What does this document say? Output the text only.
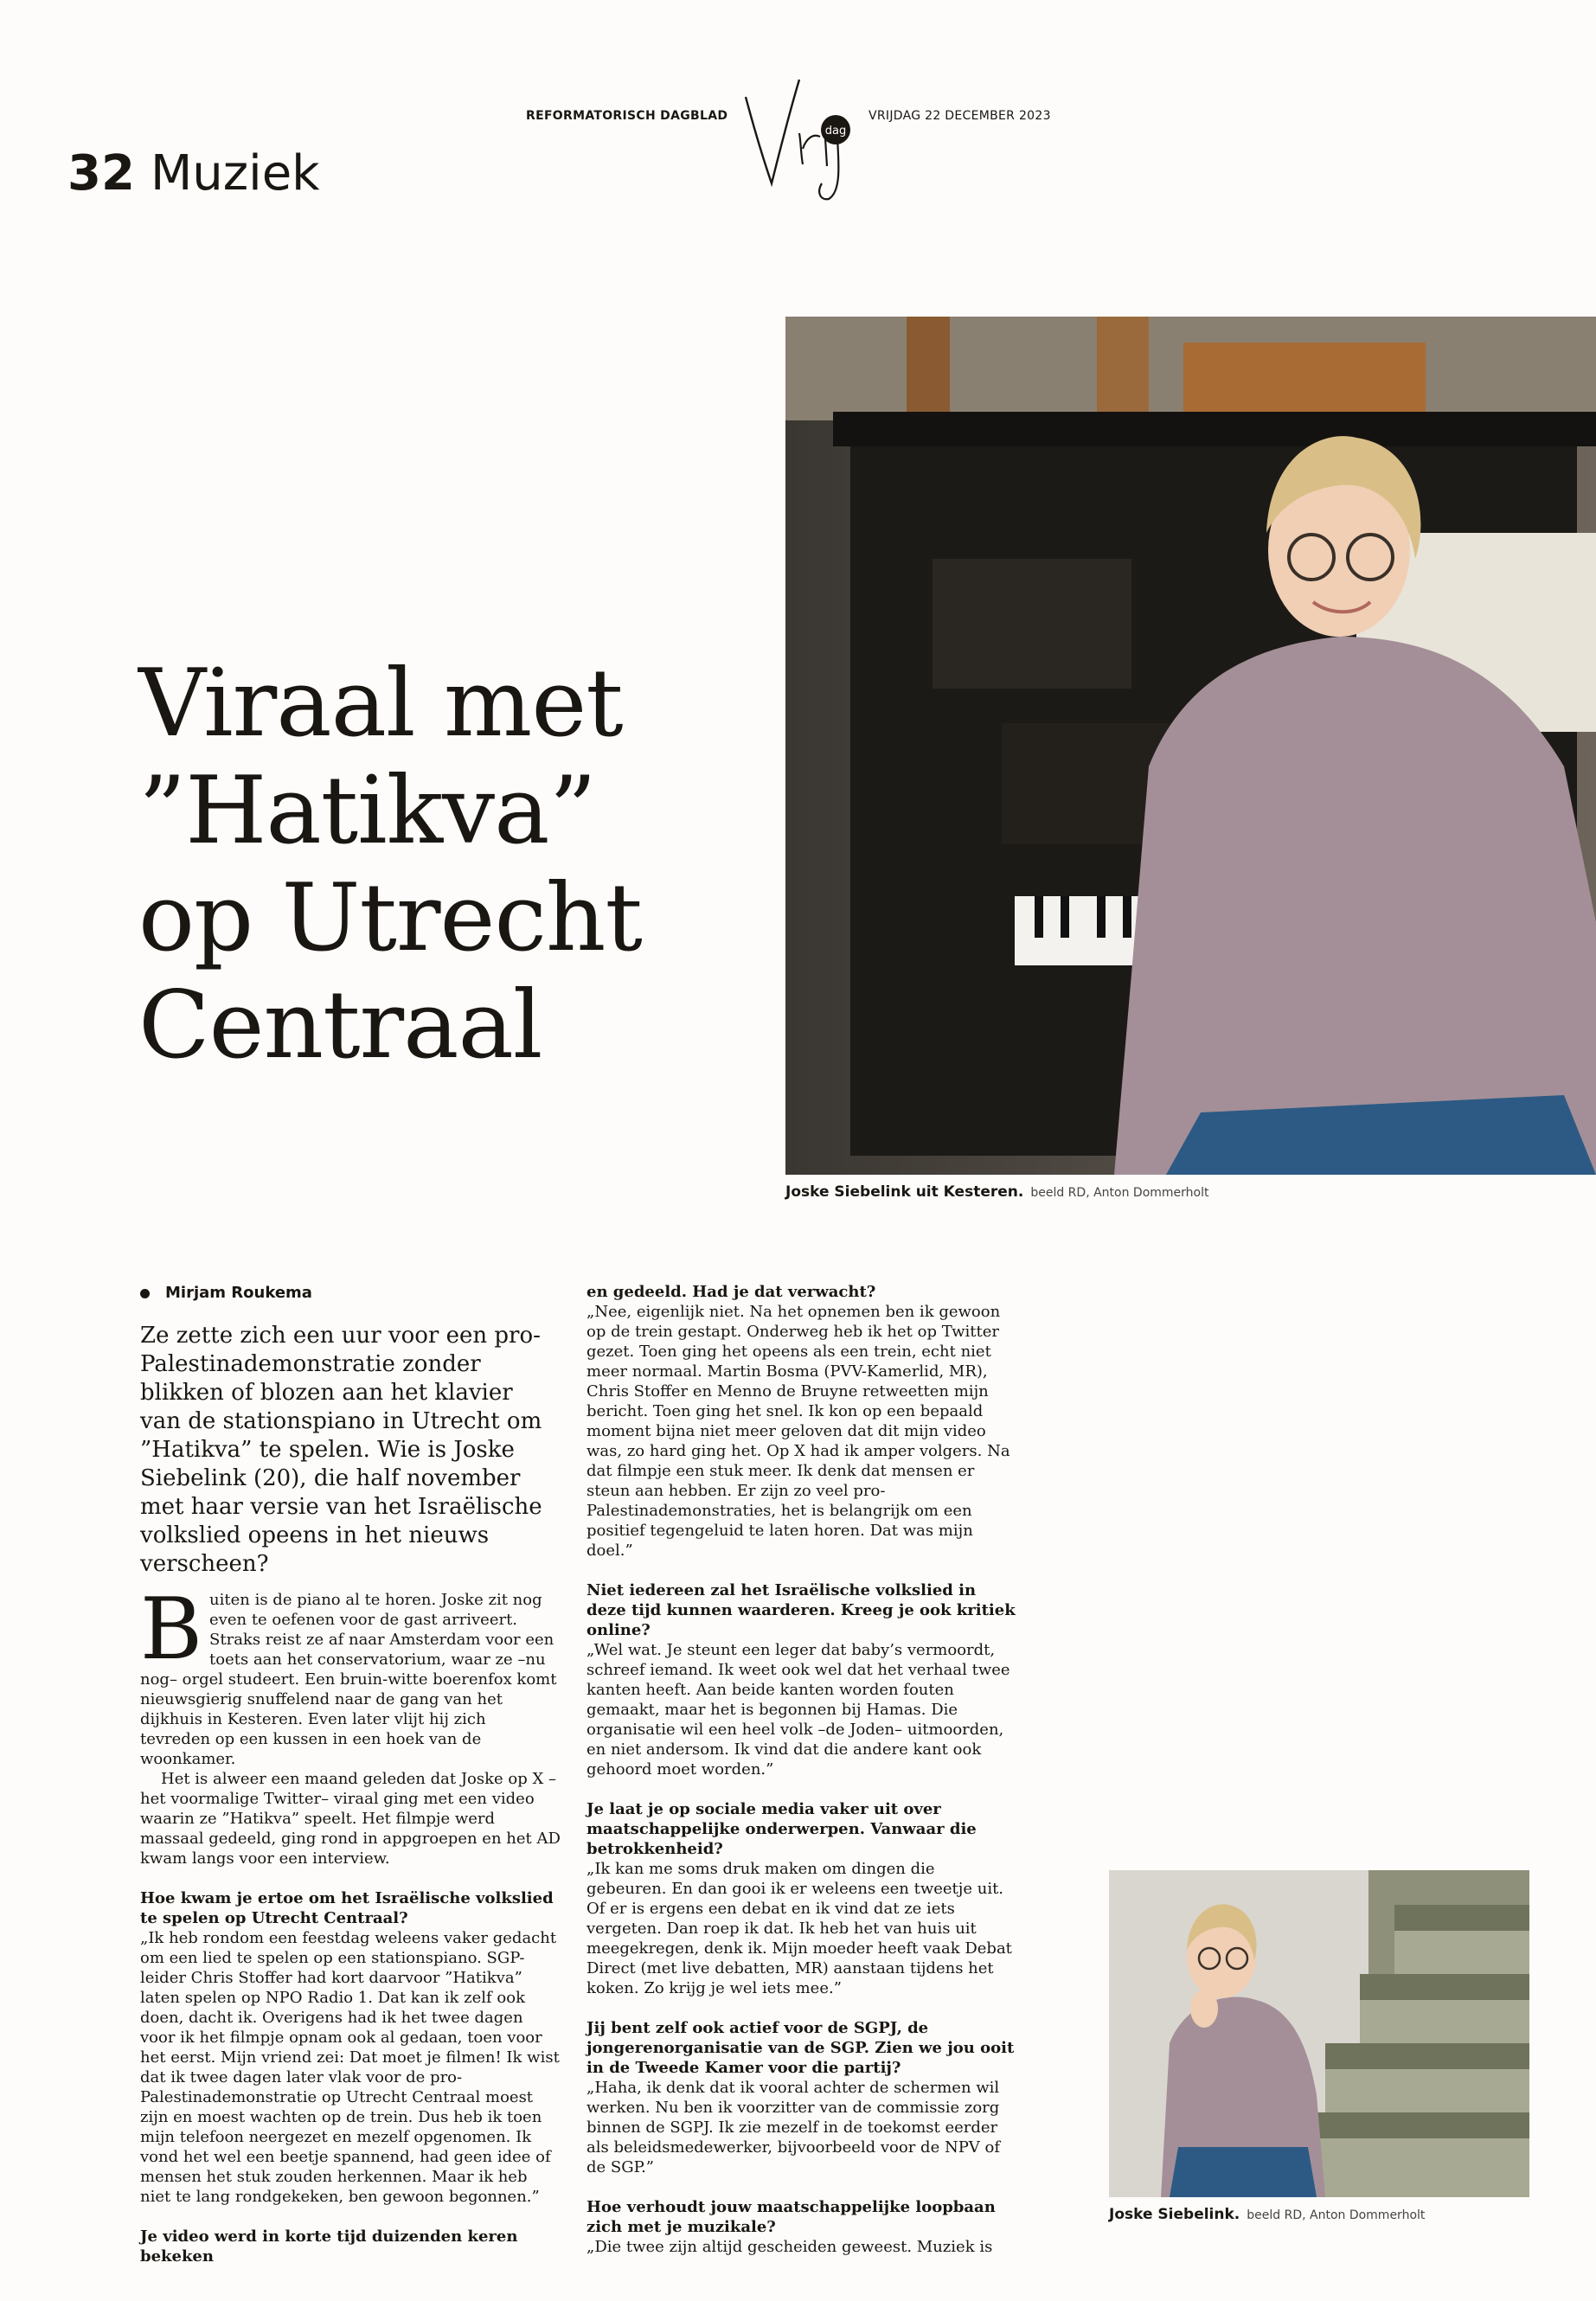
REFORMATORISCH DAGBLAD
dag
VRIJDAG 22 DECEMBER 2023
32 Muziek
Viraal met
”Hatikva”
op Utrecht
Centraal
Joske Siebelink uit Kesteren. beeld RD, Anton Dommerholt
Mirjam Roukema
Ze zette zich een uur voor een pro-Palestinademonstratie zonder blikken of blozen aan het klavier van de stationspiano in Utrecht om ”Hatikva” te spelen. Wie is Joske Siebelink (20), die half november met haar versie van het Israëlische volkslied opeens in het nieuws verscheen?

Buiten is de piano al te horen. Joske zit nog even te oefenen voor de gast arriveert. Straks reist ze af naar Amsterdam voor een toets aan het conservatorium, waar ze –nu nog– orgel studeert. Een bruin-witte boerenfox komt nieuwsgierig snuffelend naar de gang van het dijkhuis in Kesteren. Even later vlijt hij zich tevreden op een kussen in een hoek van de woonkamer.

Het is alweer een maand geleden dat Joske op X –het voormalige Twitter– viraal ging met een video waarin ze ”Hatikva” speelt. Het filmpje werd massaal gedeeld, ging rond in appgroepen en het AD kwam langs voor een interview.

Hoe kwam je ertoe om het Israëlische volkslied te spelen op Utrecht Centraal?

„Ik heb rondom een feestdag weleens vaker gedacht om een lied te spelen op een stationspiano. SGP-leider Chris Stoffer had kort daarvoor ”Hatikva” laten spelen op NPO Radio 1. Dat kan ik zelf ook doen, dacht ik. Overigens had ik het twee dagen voor ik het filmpje opnam ook al gedaan, toen voor het eerst. Mijn vriend zei: Dat moet je filmen! Ik wist dat ik twee dagen later vlak voor de pro-Palestinademonstratie op Utrecht Centraal moest zijn en moest wachten op de trein. Dus heb ik toen mijn telefoon neergezet en mezelf opgenomen. Ik vond het wel een beetje spannend, had geen idee of mensen het stuk zouden herkennen. Maar ik heb niet te lang rondgekeken, ben gewoon begonnen.”

Je video werd in korte tijd duizenden keren bekeken

en gedeeld. Had je dat verwacht?

„Nee, eigenlijk niet. Na het opnemen ben ik gewoon op de trein gestapt. Onderweg heb ik het op Twitter gezet. Toen ging het opeens als een trein, echt niet meer normaal. Martin Bosma (PVV-Kamerlid, MR), Chris Stoffer en Menno de Bruyne retweetten mijn bericht. Toen ging het snel. Ik kon op een bepaald moment bijna niet meer geloven dat dit mijn video was, zo hard ging het. Op X had ik amper volgers. Na dat filmpje een stuk meer. Ik denk dat mensen er steun aan hebben. Er zijn zo veel pro-Palestinademonstraties, het is belangrijk om een positief tegengeluid te laten horen. Dat was mijn doel.”

Niet iedereen zal het Israëlische volkslied in deze tijd kunnen waarderen. Kreeg je ook kritiek online?

„Wel wat. Je steunt een leger dat baby’s vermoordt, schreef iemand. Ik weet ook wel dat het verhaal twee kanten heeft. Aan beide kanten worden fouten gemaakt, maar het is begonnen bij Hamas. Die organisatie wil een heel volk –de Joden– uitmoorden, en niet andersom. Ik vind dat die andere kant ook gehoord moet worden.”

Je laat je op sociale media vaker uit over maatschappelijke onderwerpen. Vanwaar die betrokkenheid?

„Ik kan me soms druk maken om dingen die gebeuren. En dan gooi ik er weleens een tweetje uit. Of er is ergens een debat en ik vind dat ze iets vergeten. Dan roep ik dat. Ik heb het van huis uit meegekregen, denk ik. Mijn moeder heeft vaak Debat Direct (met live debatten, MR) aanstaan tijdens het koken. Zo krijg je wel iets mee.”

Jij bent zelf ook actief voor de SGPJ, de jongerenorganisatie van de SGP. Zien we jou ooit in de Tweede Kamer voor die partij?

„Haha, ik denk dat ik vooral achter de schermen wil werken. Nu ben ik voorzitter van de commissie zorg binnen de SGPJ. Ik zie mezelf in de toekomst eerder als beleidsmedewerker, bijvoorbeeld voor de NPV of de SGP.”

Hoe verhoudt jouw maatschappelijke loopbaan zich met je muzikale?

„Die twee zijn altijd gescheiden geweest. Muziek is

Joske Siebelink. beeld RD, Anton Dommerholt
